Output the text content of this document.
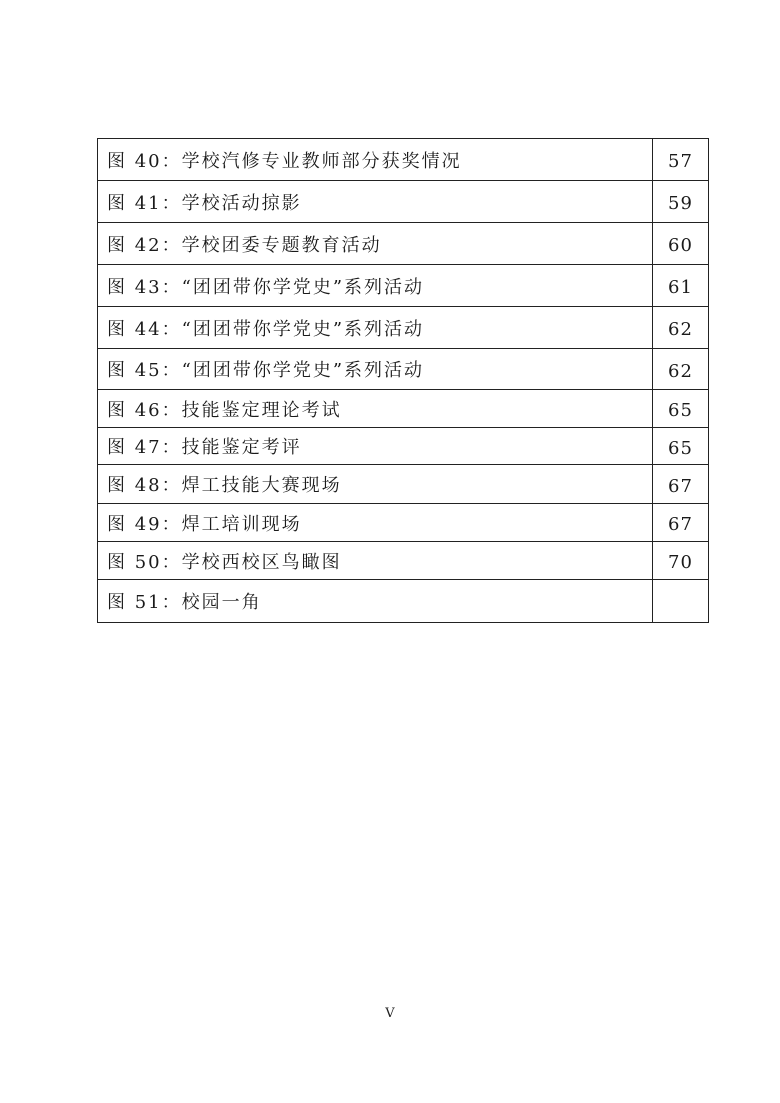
图 40：学校汽修专业教师部分获奖情况	57
图 41：学校活动掠影	59
图 42：学校团委专题教育活动	60
图 43：“团团带你学党史”系列活动	61
图 44：“团团带你学党史”系列活动	62
图 45：“团团带你学党史”系列活动	62
图 46：技能鉴定理论考试	65
图 47：技能鉴定考评	65
图 48：焊工技能大赛现场	67
图 49：焊工培训现场	67
图 50：学校西校区鸟瞰图	70
图 51：校园一角	
V
